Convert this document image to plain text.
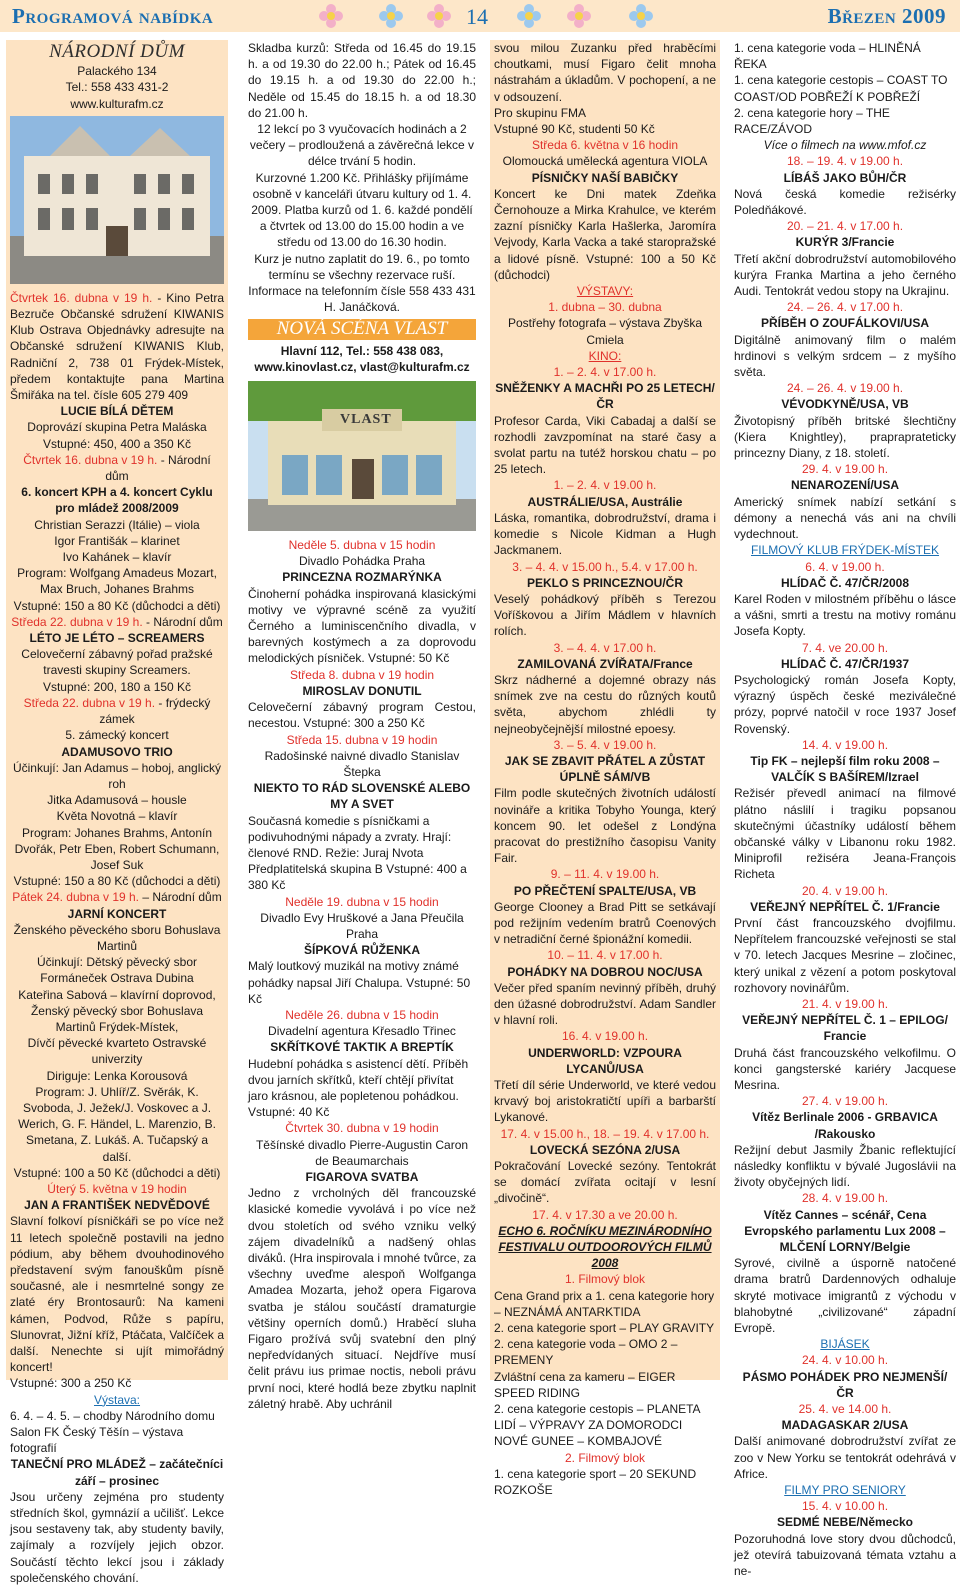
Programová nabídka	14	Březen 2009
NÁRODNÍ DŮM
Palackého 134
Tel.: 558 433 431-2
www.kulturafm.cz
Čtvrtek 16. dubna v 19 h. - Kino Petra Bezruče Občanské sdružení KIWANIS Klub Ostrava Objednávky adresujte na Občanské sdružení KIWANIS Klub, Radniční 2, 738 01 Frýdek-Místek, předem kontaktujte pana Martina Šmiřáka na tel. čísle 605 279 409
LUCIE BÍLÁ DĚTEM
Doprovází skupina Petra Maláska
Vstupné: 450, 400 a 350 Kč
Čtvrtek 16. dubna v 19 h. - Národní dům
6. koncert KPH a 4. koncert Cyklu pro mládež 2008/2009
Christian Serazzi (Itálie) – viola
Igor Františák – klarinet
Ivo Kahánek – klavír
Program: Wolfgang Amadeus Mozart, Max Bruch, Johanes Brahms
Vstupné: 150 a 80 Kč (důchodci a děti)
Středa 22. dubna v 19 h. - Národní dům
LÉTO JE LÉTO – SCREAMERS
Celovečerní zábavný pořad pražské travesti skupiny Screamers.
Vstupné: 200, 180 a 150 Kč
Středa 22. dubna v 19 h. - frýdecký zámek
5. zámecký koncert
ADAMUSOVO TRIO
Účinkují: Jan Adamus – hoboj, anglický roh
Jitka Adamusová – housle
Květa Novotná – klavír
Program: Johanes Brahms, Antonín Dvořák, Petr Eben, Robert Schumann, Josef Suk
Vstupné: 150 a 80 Kč (důchodci a děti)
Pátek 24. dubna v 19 h. – Národní dům
JARNÍ KONCERT
Ženského pěveckého sboru Bohuslava Martinů
Účinkují: Dětský pěvecký sbor Formáneček Ostrava Dubina
Kateřina Sabová – klavírní doprovod,
Ženský pěvecký sbor Bohuslava Martinů Frýdek-Místek,
Dívčí pěvecké kvarteto Ostravské univerzity
Diriguje: Lenka Korousová
Program: J. Uhlíř/Z. Svěrák, K. Svoboda, J. Ježek/J. Voskovec a J. Werich, G. F. Händel, L. Marenzio, B. Smetana, Z. Lukáš. A. Tučapský a další.
Vstupné: 100 a 50 Kč (důchodci a děti)
Úterý 5. května v 19 hodin
JAN A FRANTIŠEK NEDVĚDOVÉ
Slavní folkoví písničkáři se po více než 11 letech společně postavili na jedno pódium, aby během dvouhodinového představení svým fanouškům písně současné, ale i nesmrtelné songy ze zlaté éry Brontosaurů: Na kameni kámen, Podvod, Růže s papíru, Slunovrat, Jižní kříž, Ptáčata, Valčíček a další. Nenechte si ujít mimořádný koncert!
Vstupné: 300 a 250 Kč
Výstava:
6. 4. – 4. 5. – chodby Národního domu Salon FK Český Těšín – výstava fotografií
TANEČNÍ PRO MLÁDEŽ – začátečníci září – prosinec
Jsou určeny zejména pro studenty středních škol, gymnázií a učilišť. Lekce jsou sestaveny tak, aby studenty bavily, zajímaly a rozvíjely jejich obzor. Součástí těchto lekcí jsou i základy společenského chování.
Skladba kurzů: Středa od 16.45 do 19.15 h. a od 19.30 do 22.00 h.; Pátek od 16.45 do 19.15 h. a od 19.30 do 22.00 h.; Neděle od 15.45 do 18.15 h. a od 18.30 do 21.00 h.
12 lekcí po 3 vyučovacích hodinách a 2 večery – prodloužená a závěrečná lekce v délce trvání 5 hodin.
Kurzovné 1.200 Kč. Přihlášky přijímáme osobně v kanceláři útvaru kultury od 1. 4. 2009. Platba kurzů od 1. 6. každé pondělí a čtvrtek od 13.00 do 15.00 hodin a ve středu od 13.00 do 16.30 hodin.
Kurz je nutno zaplatit do 19. 6., po tomto termínu se všechny rezervace ruší.
Informace na telefonním čísle 558 433 431 H. Janáčková.
NOVÁ SCÉNA VLAST
Hlavní 112, Tel.: 558 438 083,
www.kinovlast.cz, vlast@kulturafm.cz
VLAST
Neděle 5. dubna v 15 hodin
Divadlo Pohádka Praha
PRINCEZNA ROZMARÝNKA
Činoherní pohádka inspirovaná klasickými motivy ve výpravné scéně za využití Černého a luminiscenčního divadla, v barevných kostýmech a za doprovodu melodických písniček. Vstupné: 50 Kč
Středa 8. dubna v 19 hodin
MIROSLAV DONUTIL
Celovečerní zábavný program Cestou, necestou. Vstupné: 300 a 250 Kč
Středa 15. dubna v 19 hodin
Radošinské naivné divadlo Stanislav Štepka
NIEKTO TO RÁD SLOVENSKÉ ALEBO MY A SVET
Současná komedie s písničkami a podivuhodnými nápady a zvraty. Hrají: členové RND. Režie: Juraj Nvota Předplatitelská skupina B Vstupné: 400 a 380 Kč
Neděle 19. dubna v 15 hodin
Divadlo Evy Hruškové a Jana Přeučila Praha
ŠÍPKOVÁ RŮŽENKA
Malý loutkový muzikál na motivy známé pohádky napsal Jiří Chalupa. Vstupné: 50 Kč
Neděle 26. dubna v 15 hodin
Divadelní agentura Křesadlo Třinec
SKŘÍTKOVÉ TAKTIK A BREPTÍK
Hudební pohádka s asistencí dětí. Příběh dvou jarních skřítků, kteří chtějí přivítat jaro krásnou, ale popletenou pohádkou. Vstupné: 40 Kč
Čtvrtek 30. dubna v 19 hodin
Těšínské divadlo Pierre-Augustin Caron de Beaumarchais
FIGAROVA SVATBA
Jedno z vrcholných děl francouzské klasické komedie vyvolává i po více než dvou stoletích od svého vzniku velký zájem divadelníků a nadšený ohlas diváků. (Hra inspirovala i mnohé tvůrce, za všechny uveďme alespoň Wolfganga Amadea Mozarta, jehož opera Figarova svatba je stálou součástí dramaturgie většiny operních domů.) Hraběcí sluha Figaro prožívá svůj svatební den plný nepředvídaných situací. Nejdříve musí čelit právu ius primae noctis, neboli právu první noci, které hodlá beze zbytku naplnit záletný hrabě. Aby uchránil
svou milou Zuzanku před hraběcími choutkami, musí Figaro čelit mnoha nástrahám a úkladům. V pochopení, a ne v odsouzení.
Pro skupinu FMA
Vstupné 90 Kč, studenti 50 Kč
Středa 6. května v 16 hodin
Olomoucká umělecká agentura VIOLA
PÍSNIČKY NAŠÍ BABIČKY
Koncert ke Dni matek Zdeňka Černohouze a Mirka Krahulce, ve kterém zazní písničky Karla Hašlerka, Jaromíra Vejvody, Karla Vacka a také staropražské a lidové písně. Vstupné: 100 a 50 Kč (důchodci)
VÝSTAVY:
1. dubna – 30. dubna
Postřehy fotografa – výstava Zbyška Cmiela
KINO:
1. – 2. 4. v 17.00 h.
SNĚŽENKY A MACHŘI PO 25 LETECH/ČR
Profesor Carda, Viki Cabadaj a další se rozhodli zavzpomínat na staré časy a svolat partu na tutéž horskou chatu – po 25 letech.
1. – 2. 4. v 19.00 h.
AUSTRÁLIE/USA, Austrálie
Láska, romantika, dobrodružství, drama i komedie s Nicole Kidman a Hugh Jackmanem.
3. – 4. 4. v 15.00 h., 5.4. v 17.00 h.
PEKLO S PRINCEZNOU/ČR
Veselý pohádkový příběh s Terezou Voříškovou a Jiřím Mádlem v hlavních rolích.
3. – 4. 4. v 17.00 h.
ZAMILOVANÁ ZVÍŘATA/France
Skrz nádherné a dojemné obrazy nás snímek zve na cestu do různých koutů světa, abychom zhlédli ty nejneobyčejnější milostné epoesy.
3. – 5. 4. v 19.00 h.
JAK SE ZBAVIT PŘÁTEL A ZŮSTAT ÚPLNĚ SÁM/VB
Film podle skutečných životních událostí novináře a kritika Tobyho Younga, který koncem 90. let odešel z Londýna pracovat do prestižního časopisu Vanity Fair.
9. – 11. 4. v 19.00 h.
PO PŘEČTENÍ SPALTE/USA, VB
George Clooney a Brad Pitt se setkávají pod režijním vedením bratrů Coenových v netradiční černé špionážní komedii.
10. – 11. 4. v 17.00 h.
POHÁDKY NA DOBROU NOC/USA
Večer před spaním nevinný příběh, druhý den úžasné dobrodružství. Adam Sandler v hlavní roli.
16. 4. v 19.00 h.
UNDERWORLD: VZPOURA LYCANŮ/USA
Třetí díl série Underworld, ve které vedou krvavý boj aristokratičtí upíři a barbarští Lykanové.
17. 4. v 15.00 h., 18. – 19. 4. v 17.00 h.
LOVECKÁ SEZÓNA 2/USA
Pokračování Lovecké sezóny. Tentokrát se domácí zvířata ocitají v lesní „divočině“.
17. 4. v 17.30 a ve 20.00 h.
ECHO 6. ROČNÍKU MEZINÁRODNÍHO FESTIVALU OUTDOOROVÝCH FILMŮ 2008
1. Filmový blok
Cena Grand prix a 1. cena kategorie hory – NEZNÁMÁ ANTARKTIDA
2. cena kategorie sport – PLAY GRAVITY
2. cena kategorie voda – OMO 2 – PREMENY
Zvláštní cena za kameru – EIGER SPEED RIDING
2. cena kategorie cestopis – PLANETA LIDÍ – VÝPRAVY ZA DOMORODCI
NOVÉ GUNEE – KOMBAJOVÉ
2. Filmový blok
1. cena kategorie sport – 20 SEKUND ROZKOŠE
1. cena kategorie voda – HLINĚNÁ ŘEKA
1. cena kategorie cestopis – COAST TO COAST/OD POBŘEŽÍ K POBŘEŽÍ
2. cena kategorie hory – THE RACE/ZÁVOD
Více o filmech na www.mfof.cz
18. – 19. 4. v 19.00 h.
LÍBÁŠ JAKO BŮH/ČR
Nová česká komedie režisérky Poledňákové.
20. – 21. 4. v 17.00 h.
KURÝR 3/Francie
Třetí akční dobrodružství automobilového kurýra Franka Martina a jeho černého Audi. Tentokrát vedou stopy na Ukrajinu.
24. – 26. 4. v 17.00 h.
PŘÍBĚH O ZOUFÁLKOVI/USA
Digitálně animovaný film o malém hrdinovi s velkým srdcem – z myšího světa.
24. – 26. 4. v 19.00 h.
VÉVODKYNĚ/USA, VB
Životopisný příběh britské šlechtičny (Kiera Knightley), prapraprateticky princezny Diany, z 18. století.
29. 4. v 19.00 h.
NENAROZENÍ/USA
Americký snímek nabízí setkání s démony a nenechá vás ani na chvíli vydechnout.
FILMOVÝ KLUB FRÝDEK-MÍSTEK
6. 4. v 19.00 h.
HLÍDAČ Č. 47/ČR/2008
Karel Roden v milostném příběhu o lásce a vášni, smrti a trestu na motivy románu Josefa Kopty.
7. 4. ve 20.00 h.
HLÍDAČ Č. 47/ČR/1937
Psychologický román Josefa Kopty, výrazný úspěch české meziválečné prózy, poprvé natočil v roce 1937 Josef Rovenský.
14. 4. v 19.00 h.
Tip FK – nejlepší film roku 2008 – VALČÍK S BAŠÍREM/Izrael
Režisér převedl animací na filmové plátno náslilí i tragiku popsanou skutečnými účastníky událostí během občanské války v Libanonu roku 1982. Miniprofil režiséra Jeana-François Richeta
20. 4. v 19.00 h.
VEŘEJNÝ NEPŘÍTEL Č. 1/Francie
První část francouzského dvojfilmu. Nepřítelem francouzské veřejnosti se stal v 70. letech Jacques Mesrine – zločinec, který unikal z vězení a potom poskytoval rozhovory novinářům.
21. 4. v 19.00 h.
VEŘEJNÝ NEPŘÍTEL Č. 1 – EPILOG/ Francie
Druhá část francouzského velkofilmu. O konci gangsterské kariéry Jacquese Mesrina.
27. 4. v 19.00 h.
Vítěz Berlinale 2006 - GRBAVICA /Rakousko
Režijní debut Jasmily Žbanic reflektující následky konfliktu v bývalé Jugoslávii na životy obyčejných lidí.
28. 4. v 19.00 h.
Vítěz Cannes – scénář, Cena Evropského parlamentu Lux 2008 – MLČENÍ LORNY/Belgie
Syrové, civilně a úsporně natočené drama bratrů Dardennových odhaluje skryté motivace imigrantů z východu v blahobytné „civilizované“ západní Evropě.
BIJÁSEK
24. 4. v 10.00 h.
PÁSMO POHÁDEK PRO NEJMENŠÍ/ČR
25. 4. ve 14.00 h.
MADAGASKAR 2/USA
Další animované dobrodružství zvířat ze zoo v New Yorku se tentokrát odehrává v Africe.
FILMY PRO SENIORY
15. 4. v 10.00 h.
SEDMÉ NEBE/Německo
Pozoruhodná love story dvou důchodců, jež otevírá tabuizovaná témata vztahu a ne-
